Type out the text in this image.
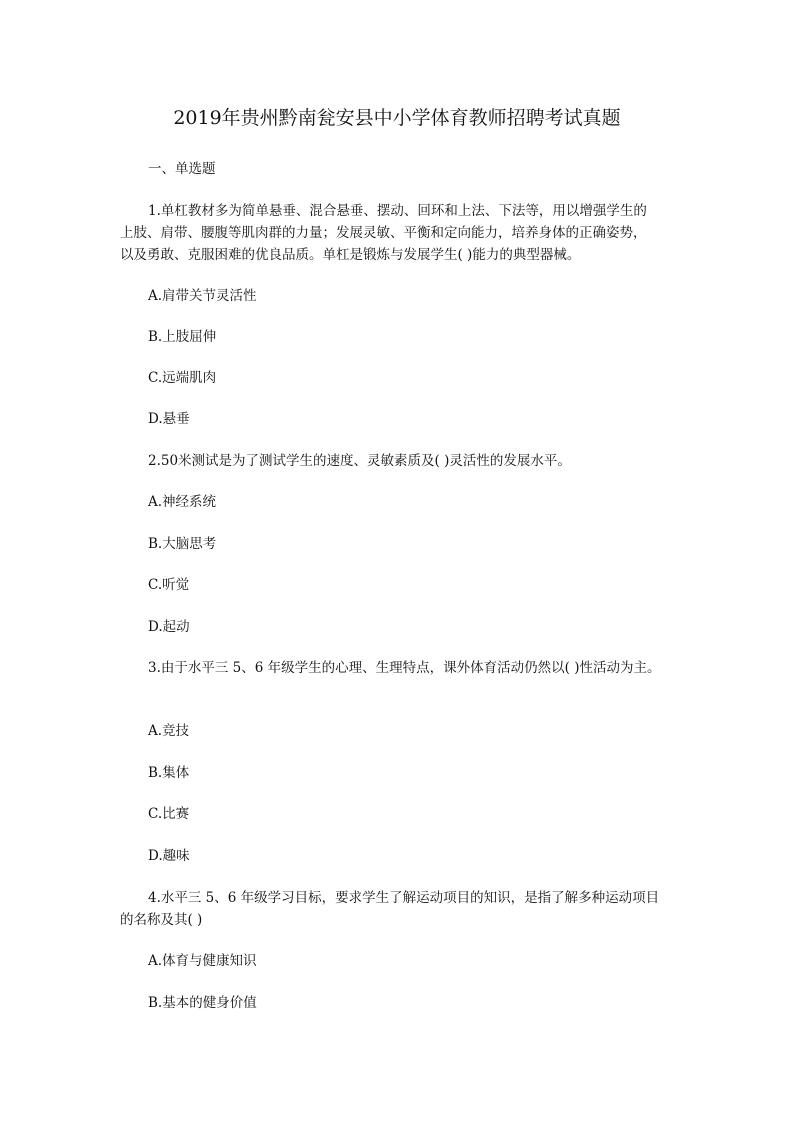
2019年贵州黔南瓮安县中小学体育教师招聘考试真题

一、单选题

1.单杠教材多为简单悬垂、混合悬垂、摆动、回环和上法、下法等，用以增强学生的

上肢、肩带、腰腹等肌肉群的力量；发展灵敏、平衡和定向能力，培养身体的正确姿势，

以及勇敢、克服困难的优良品质。单杠是锻炼与发展学生( )能力的典型器械。

A.肩带关节灵活性

B.上肢屈伸

C.远端肌肉

D.悬垂

2.50米测试是为了测试学生的速度、灵敏素质及( )灵活性的发展水平。

A.神经系统

B.大脑思考

C.听觉

D.起动

3.由于水平三 5、6 年级学生的心理、生理特点，课外体育活动仍然以( )性活动为主。

A.竞技

B.集体

C.比赛

D.趣味

4.水平三 5、6 年级学习目标，要求学生了解运动项目的知识，是指了解多种运动项目

的名称及其( )

A.体育与健康知识

B.基本的健身价值
